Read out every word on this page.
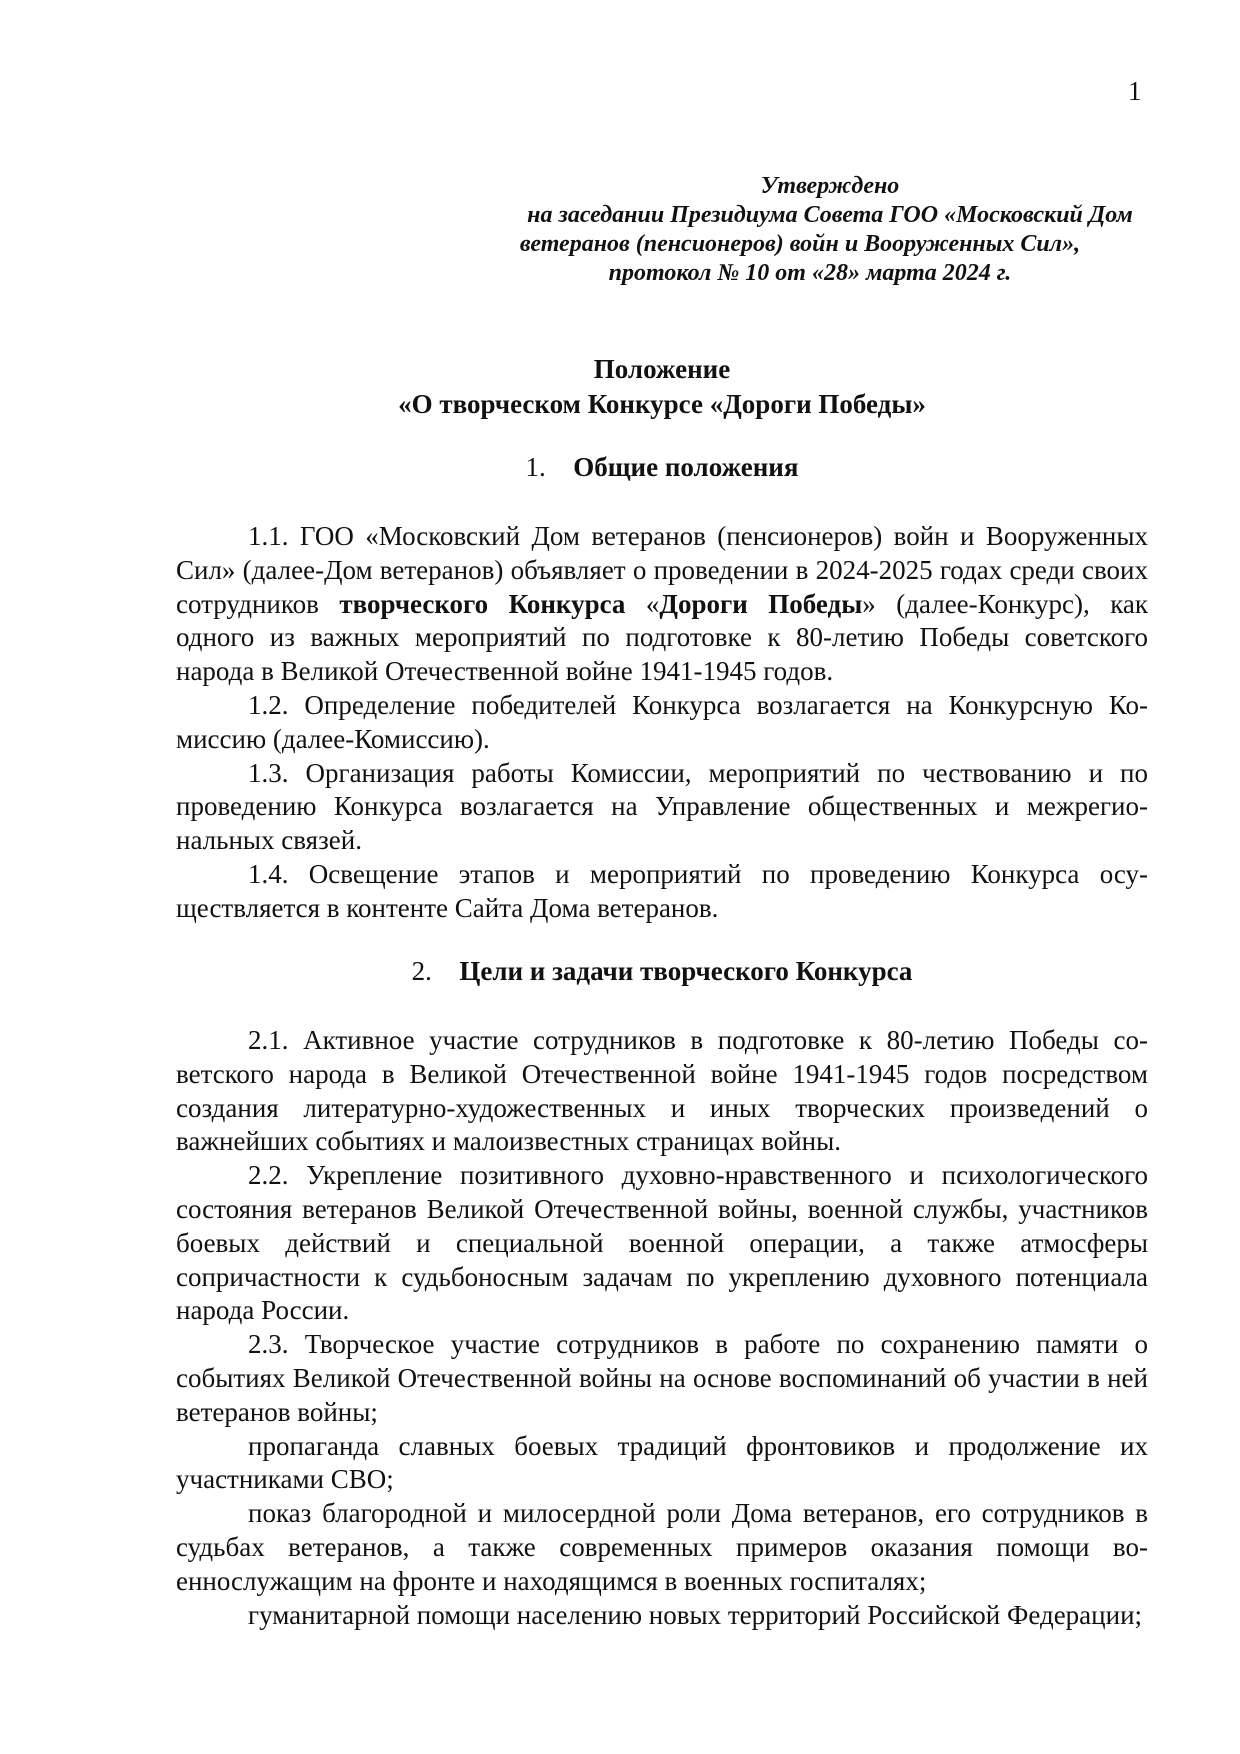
1
Утверждено
на заседании Президиума Совета ГОО «Московский Дом
ветеранов (пенсионеров) войн и Вооруженных Сил»,
протокол № 10 от «28» марта 2024 г.
Положение
«О творческом Конкурсе «Дороги Победы»
1. Общие положения

1.1. ГОО «Московский Дом ветеранов (пенсионеров) войн и Вооруженных Сил» (далее-Дом ветеранов) объявляет о проведении в 2024-2025 годах среди своих сотрудников творческого Конкурса «Дороги Победы» (далее-Конкурс), как одного из важных мероприятий по подготовке к 80-летию Победы советского народа в Великой Отечественной войне 1941-1945 годов.

1.2. Определение победителей Конкурса возлагается на Конкурсную Комиссию (далее-Комиссию).

1.3. Организация работы Комиссии, мероприятий по чествованию и по проведению Конкурса возлагается на Управление общественных и межрегиональных связей.

1.4. Освещение этапов и мероприятий по проведению Конкурса осуществляется в контенте Сайта Дома ветеранов.

2. Цели и задачи творческого Конкурса

2.1. Активное участие сотрудников в подготовке к 80-летию Победы советского народа в Великой Отечественной войне 1941-1945 годов посредством создания литературно-художественных и иных творческих произведений о важнейших событиях и малоизвестных страницах войны.

2.2. Укрепление позитивного духовно-нравственного и психологического состояния ветеранов Великой Отечественной войны, военной службы, участников боевых действий и специальной военной операции, а также атмосферы сопричастности к судьбоносным задачам по укреплению духовного потенциала народа России.

2.3. Творческое участие сотрудников в работе по сохранению памяти о событиях Великой Отечественной войны на основе воспоминаний об участии в ней ветеранов войны;

пропаганда славных боевых традиций фронтовиков и продолжение их участниками СВО;

показ благородной и милосердной роли Дома ветеранов, его сотрудников в судьбах ветеранов, а также современных примеров оказания помощи военнослужащим на фронте и находящимся в военных госпиталях;

гуманитарной помощи населению новых территорий Российской Федерации;
